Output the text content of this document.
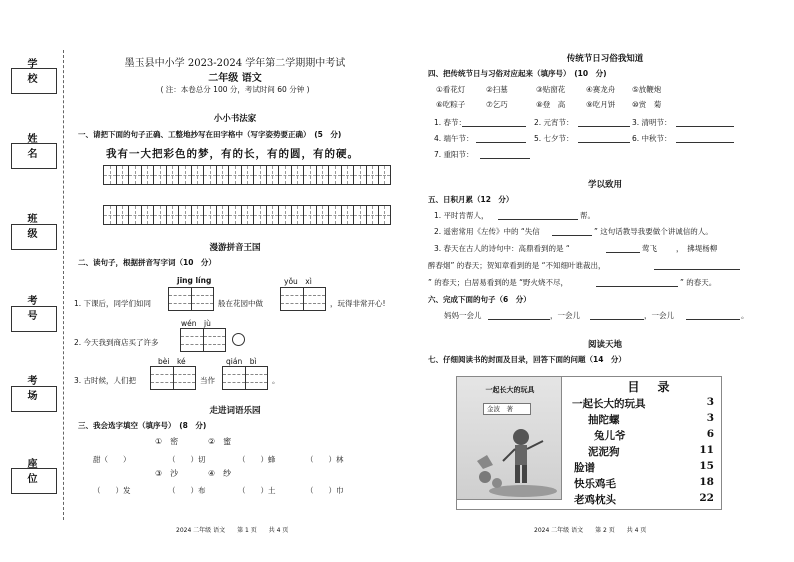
学 校
姓 名
班 级
考 号
考 场
座 位
墨玉县中小学 2023-2024 学年第二学期期中考试
二年级 语文
( 注：本卷总分 100 分，考试时间 60 分钟 )
小小书法家
一、请把下面的句子正确、工整地抄写在田字格中（写字姿势要正确）　(5　分)
我有一大把彩色的梦，有的长，有的圆，有的硬。
漫游拼音王国
二、读句子，根据拼音写字词（10　分）
jīng líng	yǒu　xì
1. 下课后，同学们如同	般在花园中做	，玩得非常开心!
wén　jù
2. 今天我到商店买了许多
bèi　ké	qián　bì
3. 古时候，人们把	当作	。
走进词语乐园
三、我会选字填空（填序号）　(8　分)
①　密	②　蜜
甜（　　）	（　　）切	（　　）蜂	（　　）林
③　沙	④　纱
（　　）发	（　　）布	（　　）土	（　　）巾
2024 二年级 语文　　第 1 页　　共 4 页
传统节日习俗我知道
四、把传统节日与习俗对应起来（填序号）　(10　分)
①看花灯	②扫墓	③贴窗花	④赛龙舟 ⑤放鞭炮
⑥吃粽子	⑦乞巧	⑧登　高	⑨吃月饼 ⑩赏　菊
1. 春节：	2. 元宵节：	3. 清明节：
4. 端午节：	5. 七夕节：	6. 中秋节：
7. 重阳节：
学以致用
五、日积月累（12　分）
1. 平时肯帮人，	帮。
2. 遥密常用《左传》中的 “失信	” 这句话教导我要做个讲诚信的人。
3. 春天在古人的诗句中：高鼎看到的是 “	莺飞	，　拂堤杨柳
醉春烟” 的春天；贺知章看到的是 “不知细叶谁裁出，
” 的春天；白居易看到的是 “野火烧不尽，	” 的春天。
六、完成下面的句子（6　分）
妈妈一会儿	，一会儿	，一会儿	。
阅读天地
七、仔细阅读书的封面及目录，回答下面的问题（14　分）
一起长大的玩具
金波　著
目　录
一起长大的玩具	3
抽陀螺	3
兔儿爷	6
泥泥狗	11
脸谱	15
快乐鸡毛	18
老鸡枕头	22
2024 二年级 语文　　第 2 页　　共 4 页
